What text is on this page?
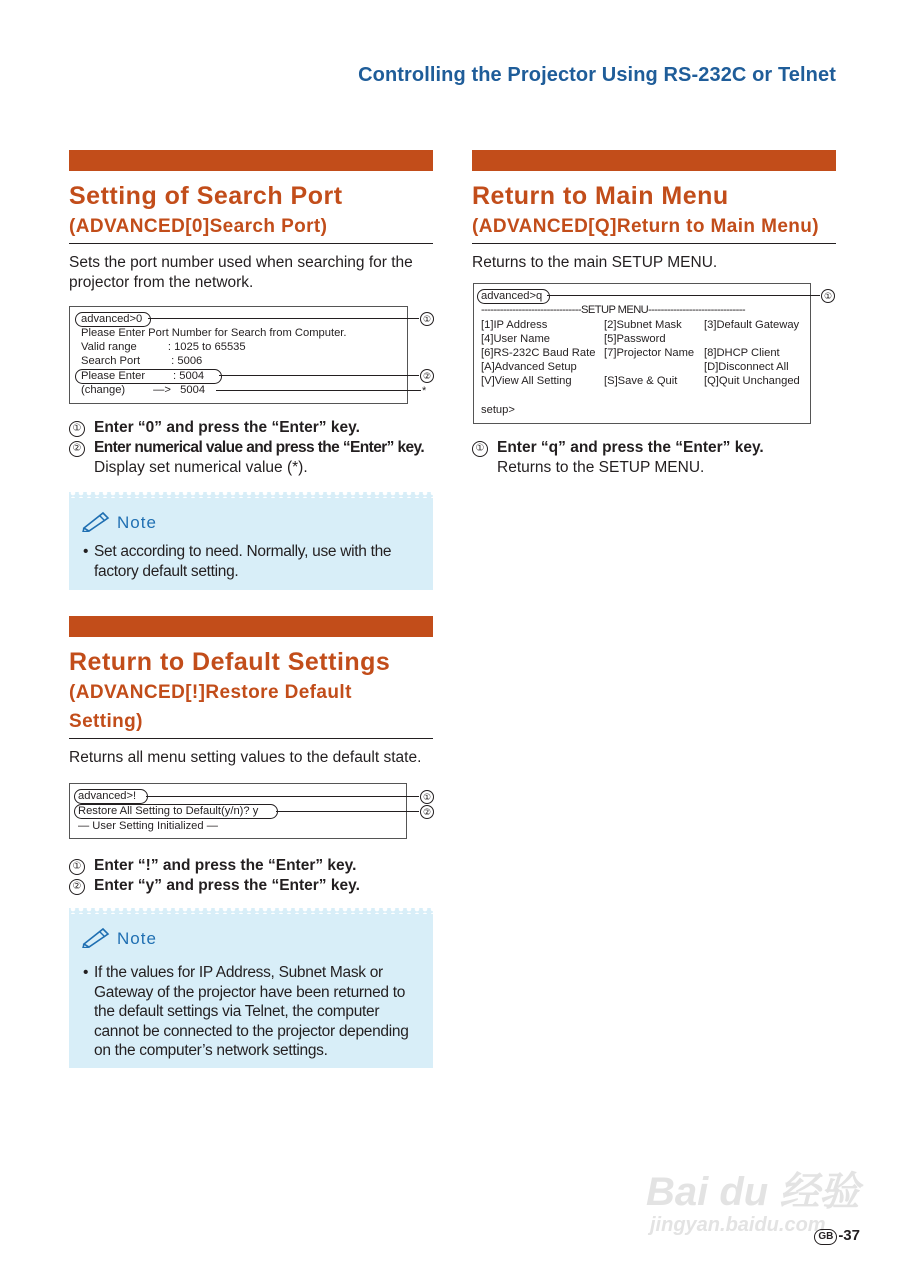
Controlling the Projector Using RS-232C or Telnet
Setting of Search Port
(ADVANCED[0]Search Port)
Sets the port number used when searching for the projector from the network.
advanced>0
Please Enter Port Number for Search from Computer.
Valid range          : 1025 to 65535
Search Port          : 5006
Please Enter         : 5004
(change)         —>   5004
①
②
*
① Enter “0” and press the “Enter” key.
② Enter numerical value and press the “Enter” key.
Display set numerical value (*).
Note
• Set according to need. Normally, use with the factory default setting.
Return to Default Settings
(ADVANCED[!]Restore Default
Setting)
Returns all menu setting values to the default state.
advanced>!
Restore All Setting to Default(y/n)? y
— User Setting Initialized —
①
②
① Enter “!” and press the “Enter” key.
② Enter “y” and press the “Enter” key.
Note
• If the values for IP Address, Subnet Mask or Gateway of the projector have been returned to the default settings via Telnet, the computer cannot be connected to the projector depending on the computer’s network settings.
Return to Main Menu
(ADVANCED[Q]Return to Main Menu)
Returns to the main SETUP MENU.
advanced>q
--------------------------------SETUP MENU-------------------------------
[1]IP Address
[4]User Name
[6]RS-232C Baud Rate
[A]Advanced Setup
[V]View All Setting
[2]Subnet Mask
[5]Password
[7]Projector Name
[S]Save & Quit
[3]Default Gateway
[8]DHCP Client
[D]Disconnect All
[Q]Quit Unchanged
setup>
①
① Enter “q” and press the “Enter” key.
Returns to the SETUP MENU.
Bai du 经验
jingyan.baidu.com
GB -37
